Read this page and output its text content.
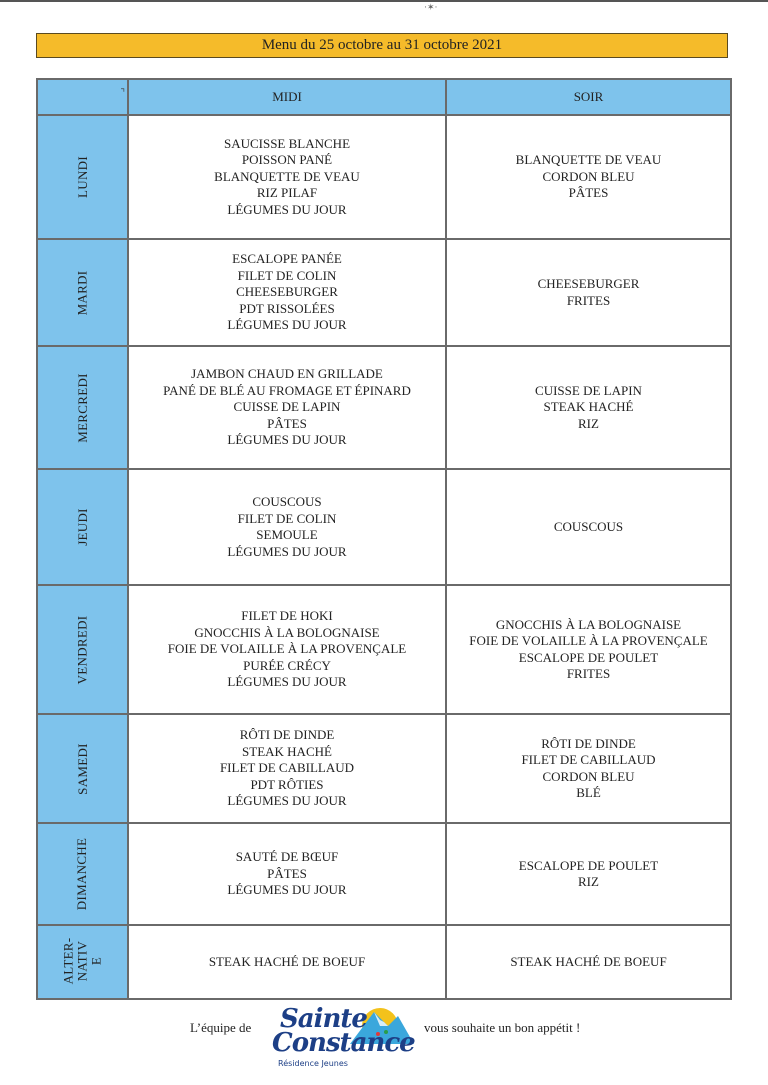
·✶·
Menu du 25 octobre au 31 octobre 2021
⌝	MIDI	SOIR
LUNDI	SAUCISSE BLANCHE
POISSON PANÉ
BLANQUETTE DE VEAU
RIZ PILAF
LÉGUMES DU JOUR	BLANQUETTE DE VEAU
CORDON BLEU
PÂTES

MARDI	ESCALOPE PANÉE
FILET DE COLIN
CHEESEBURGER
PDT RISSOLÉES
LÉGUMES DU JOUR	CHEESEBURGER
FRITES

MERCREDI	JAMBON CHAUD EN GRILLADE
PANÉ DE BLÉ AU FROMAGE ET ÉPINARD
CUISSE DE LAPIN
PÂTES
LÉGUMES DU JOUR	CUISSE DE LAPIN
STEAK HACHÉ
RIZ

JEUDI	COUSCOUS
FILET DE COLIN
SEMOULE
LÉGUMES DU JOUR	COUSCOUS

VENDREDI	FILET DE HOKI
GNOCCHIS À LA BOLOGNAISE
FOIE DE VOLAILLE À LA PROVENÇALE
PURÉE CRÉCY
LÉGUMES DU JOUR	GNOCCHIS À LA BOLOGNAISE
FOIE DE VOLAILLE À LA PROVENÇALE
ESCALOPE DE POULET
FRITES

SAMEDI	RÔTI DE DINDE
STEAK HACHÉ
FILET DE CABILLAUD
PDT RÔTIES
LÉGUMES DU JOUR	RÔTI DE DINDE
FILET DE CABILLAUD
CORDON BLEU
BLÉ

DIMANCHE	SAUTÉ DE BŒUF
PÂTES
LÉGUMES DU JOUR	ESCALOPE DE POULET
RIZ

ALTER-
NATIV
E	STEAK HACHÉ DE BOEUF	STEAK HACHÉ DE BOEUF
L’équipe de Sainte
Constance
Résidence Jeunes
vous souhaite un bon appétit !
